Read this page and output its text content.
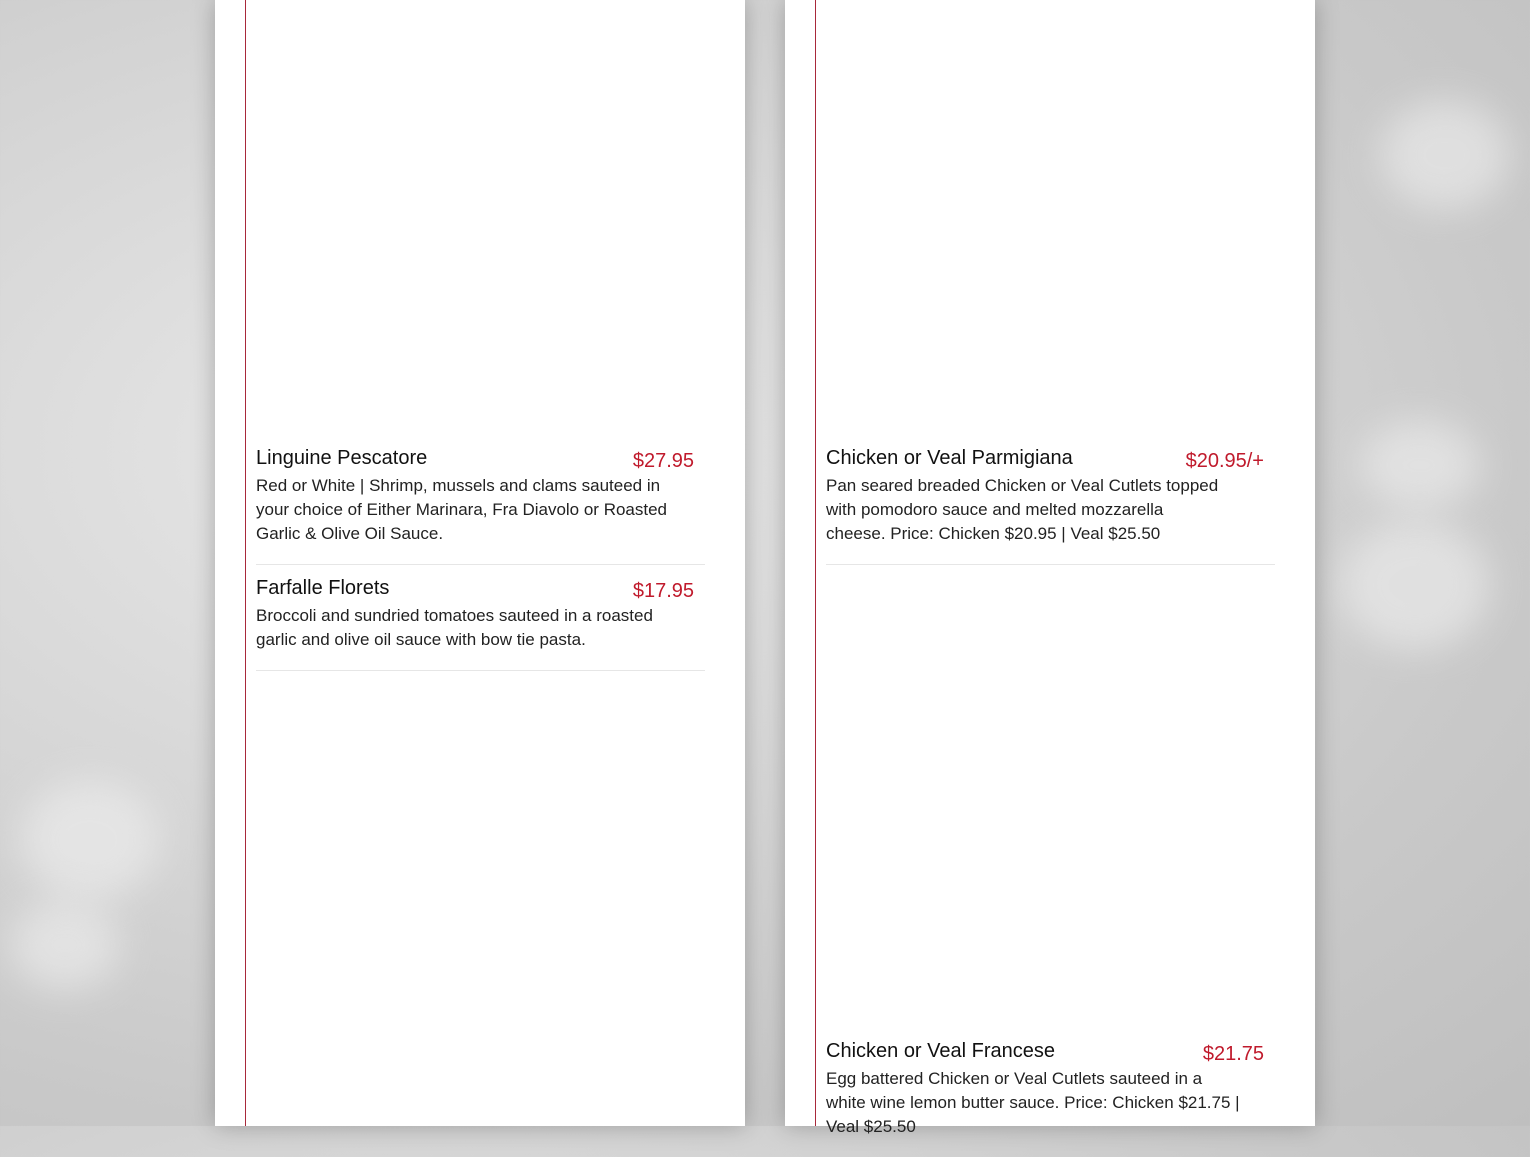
Linguine Pescatore	$27.95
Red or White | Shrimp, mussels and clams sauteed in your choice of Either Marinara, Fra Diavolo or Roasted Garlic & Olive Oil Sauce.
Farfalle Florets	$17.95
Broccoli and sundried tomatoes sauteed in a roasted garlic and olive oil sauce with bow tie pasta.
Chicken or Veal Parmigiana	$20.95/+
Pan seared breaded Chicken or Veal Cutlets topped with pomodoro sauce and melted mozzarella cheese. Price: Chicken $20.95 | Veal $25.50
Chicken or Veal Francese	$21.75
Egg battered Chicken or Veal Cutlets sauteed in a white wine lemon butter sauce. Price: Chicken $21.75 | Veal $25.50
